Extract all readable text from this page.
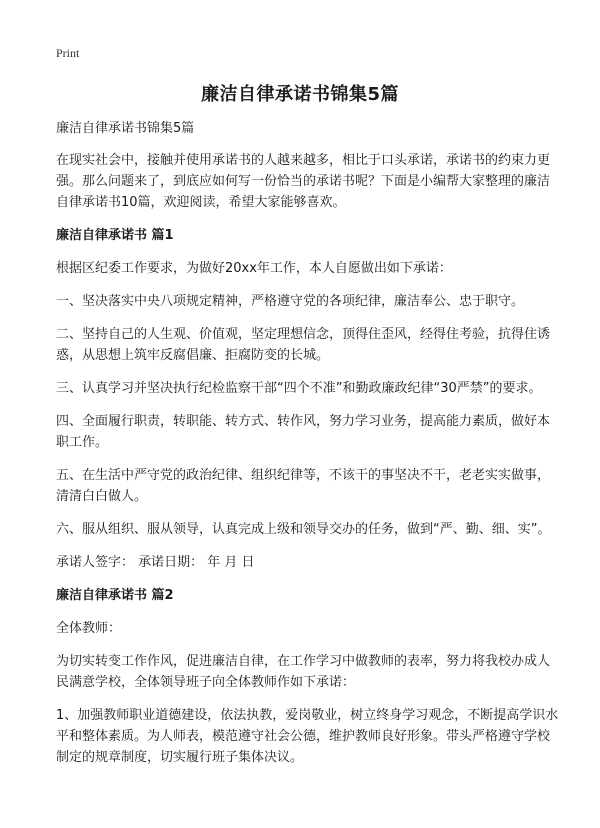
Print
廉洁自律承诺书锦集5篇

廉洁自律承诺书锦集5篇

在现实社会中，接触并使用承诺书的人越来越多，相比于口头承诺，承诺书的约束力更强。那么问题来了，到底应如何写一份恰当的承诺书呢？下面是小编帮大家整理的廉洁自律承诺书10篇，欢迎阅读，希望大家能够喜欢。

廉洁自律承诺书 篇1

根据区纪委工作要求，为做好20xx年工作，本人自愿做出如下承诺：

一、坚决落实中央八项规定精神，严格遵守党的各项纪律，廉洁奉公、忠于职守。

二、坚持自己的人生观、价值观，坚定理想信念，顶得住歪风，经得住考验，抗得住诱惑，从思想上筑牢反腐倡廉、拒腐防变的长城。

三、认真学习并坚决执行纪检监察干部“四个不准”和勤政廉政纪律“30严禁”的要求。

四、全面履行职责，转职能、转方式、转作风，努力学习业务，提高能力素质，做好本职工作。

五、在生活中严守党的政治纪律、组织纪律等，不该干的事坚决不干，老老实实做事，清清白白做人。

六、服从组织、服从领导，认真完成上级和领导交办的任务，做到“严、勤、细、实”。

承诺人签字： 承诺日期： 年 月 日

廉洁自律承诺书 篇2

全体教师：

为切实转变工作作风，促进廉洁自律，在工作学习中做教师的表率，努力将我校办成人民满意学校，全体领导班子向全体教师作如下承诺：

1、加强教师职业道德建设，依法执教，爱岗敬业，树立终身学习观念，不断提高学识水平和整体素质。为人师表，模范遵守社会公德，维护教师良好形象。带头严格遵守学校制定的规章制度，切实履行班子集体决议。
